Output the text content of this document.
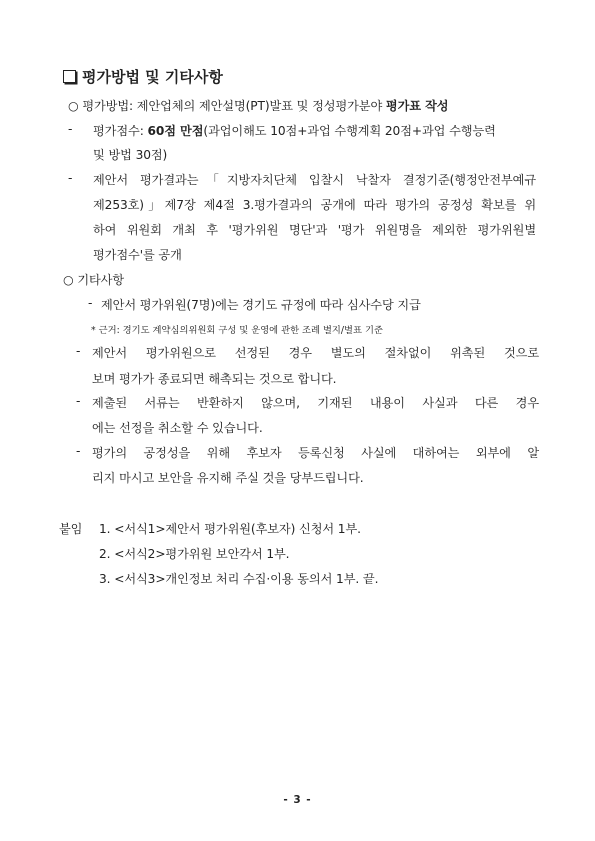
평가방법 및 기타사항
○ 평가방법: 제안업체의 제안설명(PT)발표 및 정성평가분야 평가표 작성
- 평가점수: 60점 만점(과업이해도 10점+과업 수행계획 20점+과업 수행능력
및 방법 30점)
- 제안서 평가결과는「지방자치단체 입찰시 낙찰자 결정기준(행정안전부예규
제253호)」제7장 제4절 3.평가결과의 공개에 따라 평가의 공정성 확보를 위
하여 위원회 개최 후 '평가위원 명단'과 '평가 위원명을 제외한 평가위원별
평가점수'를 공개
○ 기타사항
- 제안서 평가위원(7명)에는 경기도 규정에 따라 심사수당 지급
* 근거: 경기도 계약심의위원회 구성 및 운영에 관한 조례 별지/별표 기준
- 제안서 평가위원으로 선정된 경우 별도의 절차없이 위촉된 것으로
보며 평가가 종료되면 해촉되는 것으로 합니다.
- 제출된 서류는 반환하지 않으며, 기재된 내용이 사실과 다른 경우
에는 선정을 취소할 수 있습니다.
- 평가의 공정성을 위해 후보자 등록신청 사실에 대하여는 외부에 알
리지 마시고 보안을 유지해 주실 것을 당부드립니다.
붙임 1. <서식1>제안서 평가위원(후보자) 신청서 1부.
2. <서식2>평가위원 보안각서 1부.
3. <서식3>개인정보 처리 수집·이용 동의서 1부. 끝.
- 3 -
